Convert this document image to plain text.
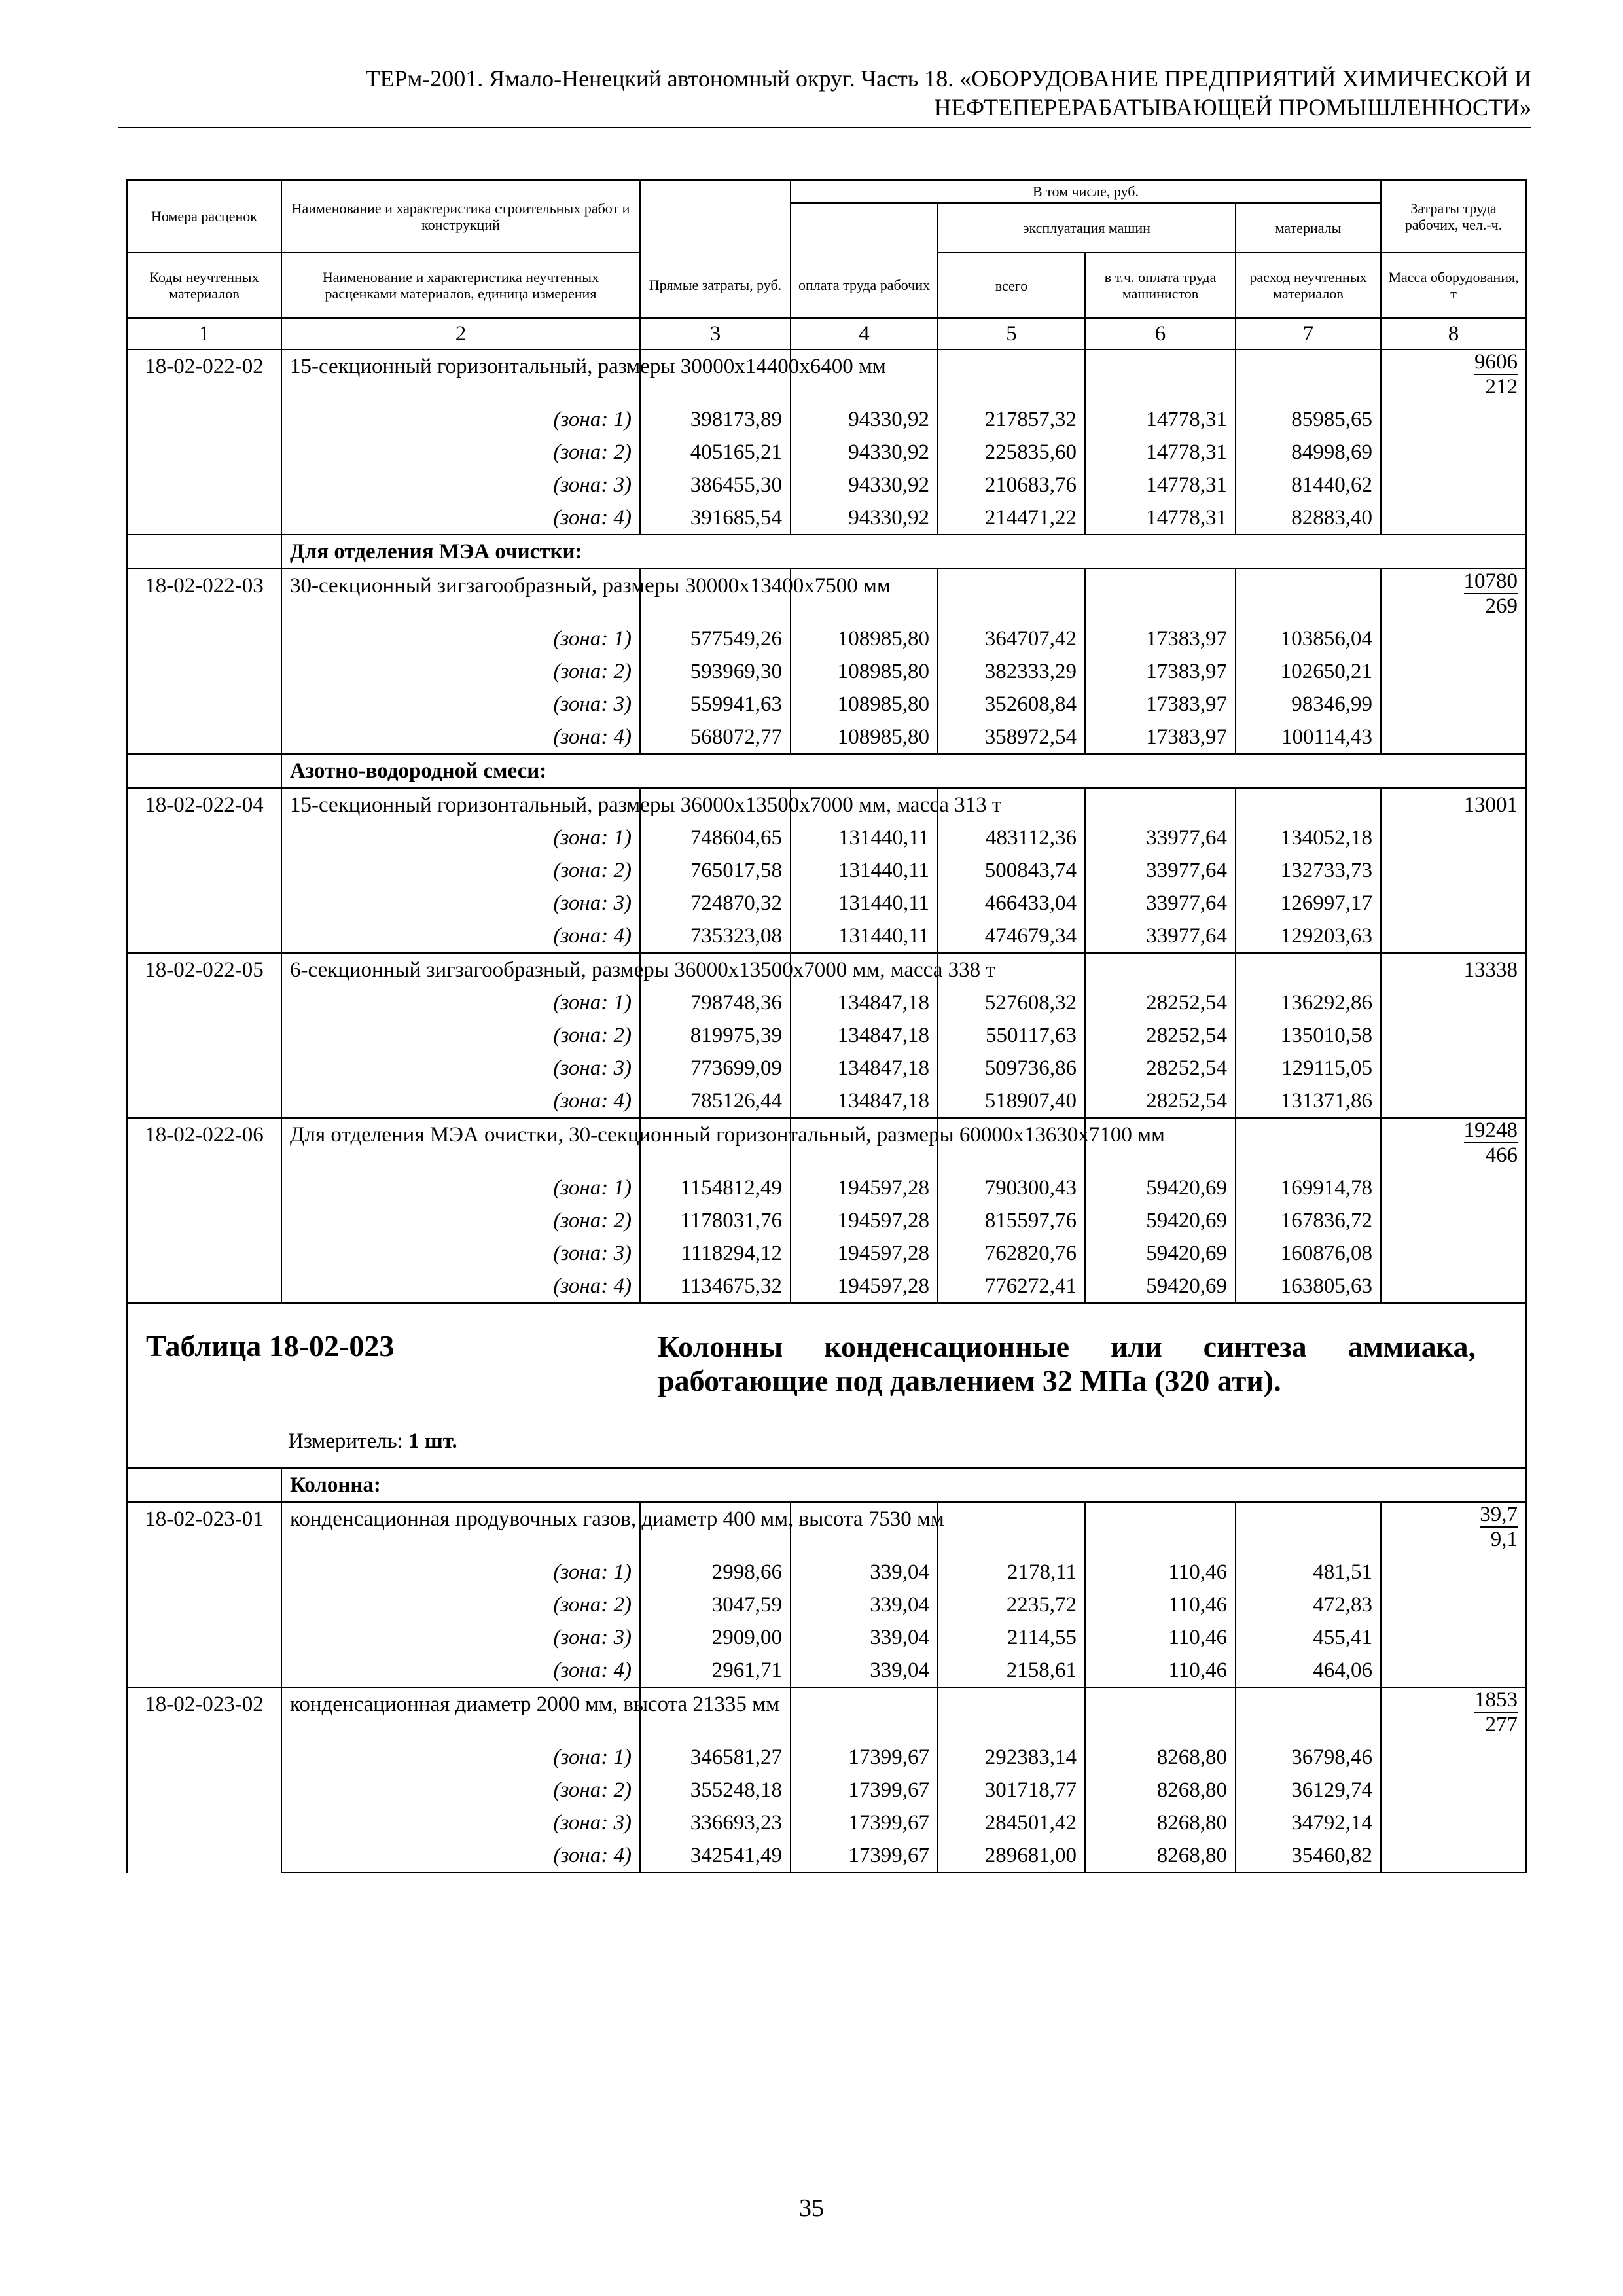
ТЕРм-2001. Ямало-Ненецкий автономный округ. Часть 18. «ОБОРУДОВАНИЕ ПРЕДПРИЯТИЙ ХИМИЧЕСКОЙ И
НЕФТЕПЕРЕРАБАТЫВАЮЩЕЙ ПРОМЫШЛЕННОСТИ»
Номера расценок	Наименование и характеристика строительных работ и конструкций		В том числе, руб.				Затраты труда рабочих, чел.-ч.
				эксплуатация машин		материалы	
Коды неучтенных материалов	Наименование и характеристика неучтенных расценками материалов, единица измерения	Прямые затраты, руб.	оплата труда рабочих	всего	в т.ч. оплата труда машинистов	расход неучтенных материалов	Масса оборудования, т
1	2	3	4	5	6	7	8
18-02-022-02	15-секционный горизонтальный, размеры 30000х14400х6400 мм						$\frac{9606}{212}$

	(зона: 1)	398173,89	94330,92	217857,32	14778,31	85985,65	
	(зона: 2)	405165,21	94330,92	225835,60	14778,31	84998,69	
	(зона: 3)	386455,30	94330,92	210683,76	14778,31	81440,62	
	(зона: 4)	391685,54	94330,92	214471,22	14778,31	82883,40	
	Для отделения МЭА очистки:						
18-02-022-03	30-секционный зигзагообразный, размеры 30000х13400х7500 мм						$\frac{10780}{269}$

	(зона: 1)	577549,26	108985,80	364707,42	17383,97	103856,04	
	(зона: 2)	593969,30	108985,80	382333,29	17383,97	102650,21	
	(зона: 3)	559941,63	108985,80	352608,84	17383,97	98346,99	
	(зона: 4)	568072,77	108985,80	358972,54	17383,97	100114,43	
	Азотно-водородной смеси:						
18-02-022-04	15-секционный горизонтальный, размеры 36000х13500х7000 мм, масса 313 т						13001
	(зона: 1)	748604,65	131440,11	483112,36	33977,64	134052,18	
	(зона: 2)	765017,58	131440,11	500843,74	33977,64	132733,73	
	(зона: 3)	724870,32	131440,11	466433,04	33977,64	126997,17	
	(зона: 4)	735323,08	131440,11	474679,34	33977,64	129203,63	
18-02-022-05	6-секционный зигзагообразный, размеры 36000х13500х7000 мм, масса 338 т						13338
	(зона: 1)	798748,36	134847,18	527608,32	28252,54	136292,86	
	(зона: 2)	819975,39	134847,18	550117,63	28252,54	135010,58	
	(зона: 3)	773699,09	134847,18	509736,86	28252,54	129115,05	
	(зона: 4)	785126,44	134847,18	518907,40	28252,54	131371,86	
18-02-022-06	Для отделения МЭА очистки, 30-секционный горизонтальный, размеры 60000х13630х7100 мм						$\frac{19248}{466}$

	(зона: 1)	1154812,49	194597,28	790300,43	59420,69	169914,78	
	(зона: 2)	1178031,76	194597,28	815597,76	59420,69	167836,72	
	(зона: 3)	1118294,12	194597,28	762820,76	59420,69	160876,08	
	(зона: 4)	1134675,32	194597,28	776272,41	59420,69	163805,63	

Таблица 18-02-023 Колонны конденсационные или синтеза аммиака, работающие под давлением 32 МПа (320 ати).
Измеритель: 1 шт.							

	Колонна:						
18-02-023-01	конденсационная продувочных газов, диаметр 400 мм, высота 7530 мм						$\frac{39,7}{9,1}$

	(зона: 1)	2998,66	339,04	2178,11	110,46	481,51	
	(зона: 2)	3047,59	339,04	2235,72	110,46	472,83	
	(зона: 3)	2909,00	339,04	2114,55	110,46	455,41	
	(зона: 4)	2961,71	339,04	2158,61	110,46	464,06	
18-02-023-02	конденсационная диаметр 2000 мм, высота 21335 мм						$\frac{1853}{277}$

	(зона: 1)	346581,27	17399,67	292383,14	8268,80	36798,46	
	(зона: 2)	355248,18	17399,67	301718,77	8268,80	36129,74	
	(зона: 3)	336693,23	17399,67	284501,42	8268,80	34792,14	
	(зона: 4)	342541,49	17399,67	289681,00	8268,80	35460,82	
35
